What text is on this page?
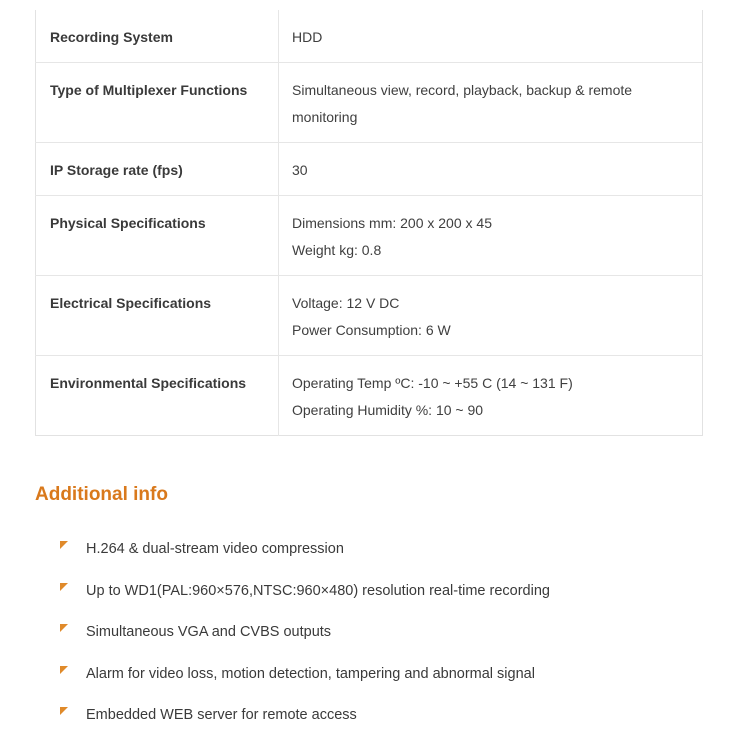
Recording System	HDD

Type of Multiplexer Functions	Simultaneous view, record, playback, backup & remote monitoring

IP Storage rate (fps)	30

Physical Specifications	Dimensions mm: 200 x 200 x 45
Weight kg: 0.8

Electrical Specifications	Voltage: 12 V DC
Power Consumption: 6 W

Environmental Specifications	Operating Temp ºC: -10 ~ +55 C (14 ~ 131 F)
Operating Humidity %: 10 ~ 90
Additional info
H.264 & dual-stream video compression
Up to WD1(PAL:960×576,NTSC:960×480) resolution real-time recording
Simultaneous VGA and CVBS outputs
Alarm for video loss, motion detection, tampering and abnormal signal
Embedded WEB server for remote access
